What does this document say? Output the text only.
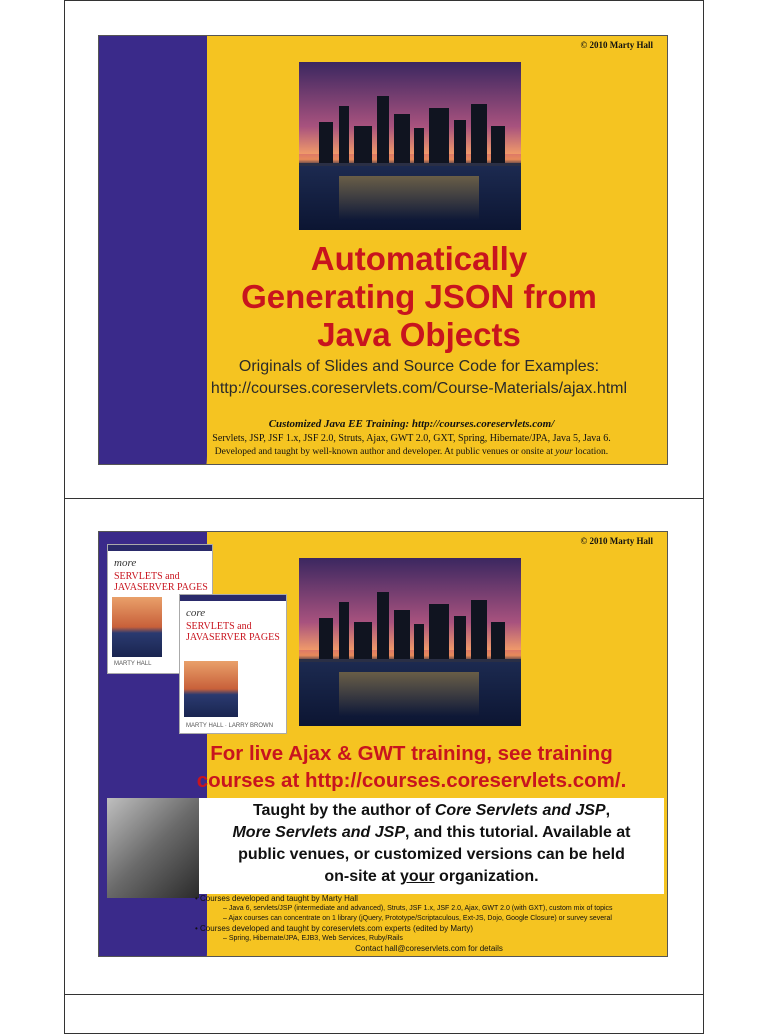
© 2010 Marty Hall
Automatically
Generating JSON from
Java Objects
Originals of Slides and Source Code for Examples:
http://courses.coreservlets.com/Course-Materials/ajax.html
Customized Java EE Training: http://courses.coreservlets.com/
Servlets, JSP, JSF 1.x, JSF 2.0, Struts, Ajax, GWT 2.0, GXT, Spring, Hibernate/JPA, Java 5, Java 6.
Developed and taught by well-known author and developer. At public venues or onsite at your location.
© 2010 Marty Hall
more
SERVLETS and JAVASERVER PAGES
MARTY HALL
core
SERVLETS and JAVASERVER PAGES
MARTY HALL · LARRY BROWN
For live Ajax & GWT training, see training
courses at http://courses.coreservlets.com/.
Taught by the author of Core Servlets and JSP,
More Servlets and JSP, and this tutorial. Available at
public venues, or customized versions can be held
on-site at your organization.
• Courses developed and taught by Marty Hall
– Java 6, servlets/JSP (intermediate and advanced), Struts, JSF 1.x, JSF 2.0, Ajax, GWT 2.0 (with GXT), custom mix of topics
– Ajax courses can concentrate on 1 library (jQuery, Prototype/Scriptaculous, Ext-JS, Dojo, Google Closure) or survey several
• Courses developed and taught by coreservlets.com experts (edited by Marty)
– Spring, Hibernate/JPA, EJB3, Web Services, Ruby/Rails
Contact hall@coreservlets.com for details
